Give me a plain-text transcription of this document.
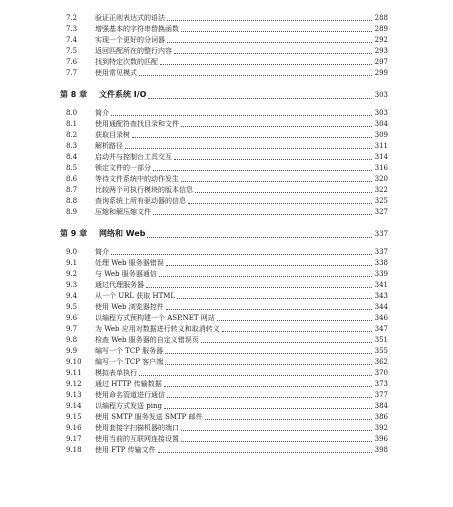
7.2	验证正则表达式的语法	288
7.3	增强基本的字符串替换函数	289
7.4	实现一个更好的分词器	292
7.5	返回匹配所在的整行内容	293
7.6	找到特定次数的匹配	297
7.7	使用常见模式	299
第 8 章	文件系统 I/O	303
8.0	简介	303
8.1	使用通配符查找目录和文件	304
8.2	获取目录树	309
8.3	解析路径	311
8.4	启动并与控制台工具交互	314
8.5	锁定文件的一部分	316
8.6	等待文件系统中的动作发生	320
8.7	比较两个可执行模块的版本信息	322
8.8	查询系统上所有驱动器的信息	325
8.9	压缩和解压缩文件	327
第 9 章	网络和 Web	337
9.0	简介	337
9.1	处理 Web 服务器错误	338
9.2	与 Web 服务器通信	339
9.3	通过代理服务器	341
9.4	从一个 URL 获取 HTML	343
9.5	使用 Web 浏览器控件	344
9.6	以编程方式预构建一个 ASP.NET 网站	346
9.7	为 Web 应用对数据进行转义和取消转义	347
9.8	检查 Web 服务器的自定义错误页	351
9.9	编写一个 TCP 服务器	355
9.10	编写一个 TCP 客户端	362
9.11	模拟表单执行	370
9.12	通过 HTTP 传输数据	373
9.13	使用命名管道进行通信	377
9.14	以编程方式发送 ping	384
9.15	使用 SMTP 服务发送 SMTP 邮件	386
9.16	使用套接字扫描机器的端口	392
9.17	使用当前的互联网连接设置	396
9.18	使用 FTP 传输文件	398
